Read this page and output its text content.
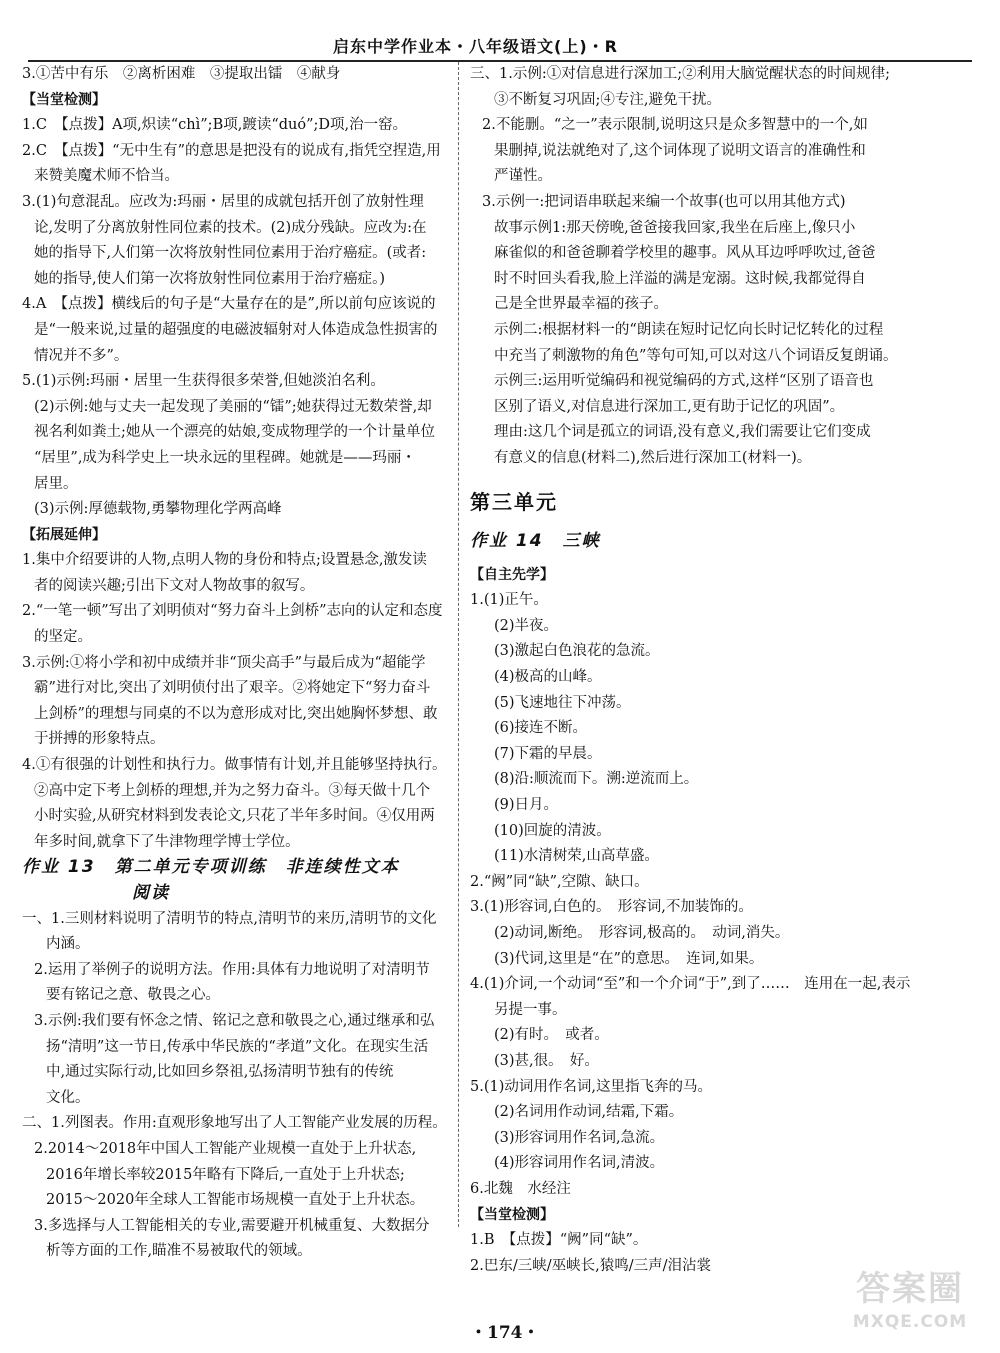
启东中学作业本・八年级语文(上)・R
3.①苦中有乐　②离析困难　③提取出镭　④献身
【当堂检测】
1.C　【点拨】A项,炽读“chì”;B项,踱读“duó”;D项,治一窑。
2.C　【点拨】“无中生有”的意思是把没有的说成有,指凭空捏造,用
来赞美魔术师不恰当。
3.(1)句意混乱。应改为:玛丽・居里的成就包括开创了放射性理
论,发明了分离放射性同位素的技术。(2)成分残缺。应改为:在
她的指导下,人们第一次将放射性同位素用于治疗癌症。(或者:
她的指导,使人们第一次将放射性同位素用于治疗癌症。)
4.A　【点拨】横线后的句子是“大量存在的是”,所以前句应该说的
是“一般来说,过量的超强度的电磁波辐射对人体造成急性损害的
情况并不多”。
5.(1)示例:玛丽・居里一生获得很多荣誉,但她淡泊名利。
(2)示例:她与丈夫一起发现了美丽的“镭”;她获得过无数荣誉,却
视名利如粪土;她从一个漂亮的姑娘,变成物理学的一个计量单位
“居里”,成为科学史上一块永远的里程碑。她就是——玛丽・
居里。
(3)示例:厚德载物,勇攀物理化学两高峰
【拓展延伸】
1.集中介绍要讲的人物,点明人物的身份和特点;设置悬念,激发读
者的阅读兴趣;引出下文对人物故事的叙写。
2.“一笔一顿”写出了刘明侦对“努力奋斗上剑桥”志向的认定和态度
的坚定。
3.示例:①将小学和初中成绩并非“顶尖高手”与最后成为“超能学
霸”进行对比,突出了刘明侦付出了艰辛。②将她定下“努力奋斗
上剑桥”的理想与同桌的不以为意形成对比,突出她胸怀梦想、敢
于拼搏的形象特点。
4.①有很强的计划性和执行力。做事情有计划,并且能够坚持执行。
②高中定下考上剑桥的理想,并为之努力奋斗。③每天做十几个
小时实验,从研究材料到发表论文,只花了半年多时间。④仅用两
年多时间,就拿下了牛津物理学博士学位。
作业 13　第二单元专项训练　非连续性文本
阅读
一、1.三则材料说明了清明节的特点,清明节的来历,清明节的文化
内涵。
2.运用了举例子的说明方法。作用:具体有力地说明了对清明节
要有铭记之意、敬畏之心。
3.示例:我们要有怀念之情、铭记之意和敬畏之心,通过继承和弘
扬“清明”这一节日,传承中华民族的“孝道”文化。在现实生活
中,通过实际行动,比如回乡祭祖,弘扬清明节独有的传统
文化。
二、1.列图表。作用:直观形象地写出了人工智能产业发展的历程。
2.2014～2018年中国人工智能产业规模一直处于上升状态,
2016年增长率较2015年略有下降后,一直处于上升状态;
2015～2020年全球人工智能市场规模一直处于上升状态。
3.多选择与人工智能相关的专业,需要避开机械重复、大数据分
析等方面的工作,瞄准不易被取代的领域。
三、1.示例:①对信息进行深加工;②利用大脑觉醒状态的时间规律;
③不断复习巩固;④专注,避免干扰。
2.不能删。“之一”表示限制,说明这只是众多智慧中的一个,如
果删掉,说法就绝对了,这个词体现了说明文语言的准确性和
严谨性。
3.示例一:把词语串联起来编一个故事(也可以用其他方式)
故事示例1:那天傍晚,爸爸接我回家,我坐在后座上,像只小
麻雀似的和爸爸聊着学校里的趣事。风从耳边呼呼吹过,爸爸
时不时回头看我,脸上洋溢的满是宠溺。这时候,我都觉得自
己是全世界最幸福的孩子。
示例二:根据材料一的“朗读在短时记忆向长时记忆转化的过程
中充当了刺激物的角色”等句可知,可以对这八个词语反复朗诵。
示例三:运用听觉编码和视觉编码的方式,这样“区别了语音也
区别了语义,对信息进行深加工,更有助于记忆的巩固”。
理由:这几个词是孤立的词语,没有意义,我们需要让它们变成
有意义的信息(材料二),然后进行深加工(材料一)。
第三单元
作业 14　三峡
【自主先学】
1.(1)正午。
(2)半夜。
(3)激起白色浪花的急流。
(4)极高的山峰。
(5)飞速地往下冲荡。
(6)接连不断。
(7)下霜的早晨。
(8)沿:顺流而下。溯:逆流而上。
(9)日月。
(10)回旋的清波。
(11)水清树荣,山高草盛。
2.“阙”同“缺”,空隙、缺口。
3.(1)形容词,白色的。　形容词,不加装饰的。
(2)动词,断绝。　形容词,极高的。　动词,消失。
(3)代词,这里是“在”的意思。　连词,如果。
4.(1)介词,一个动词“至”和一个介词“于”,到了……　连用在一起,表示
另提一事。
(2)有时。　或者。
(3)甚,很。　好。
5.(1)动词用作名词,这里指飞奔的马。
(2)名词用作动词,结霜,下霜。
(3)形容词用作名词,急流。
(4)形容词用作名词,清波。
6.北魏　水经注
【当堂检测】
1.B　【点拨】“阙”同“缺”。
2.巴东/三峡/巫峡长,猿鸣/三声/泪沾裳
・174・
答案圈
MXQE.COM
